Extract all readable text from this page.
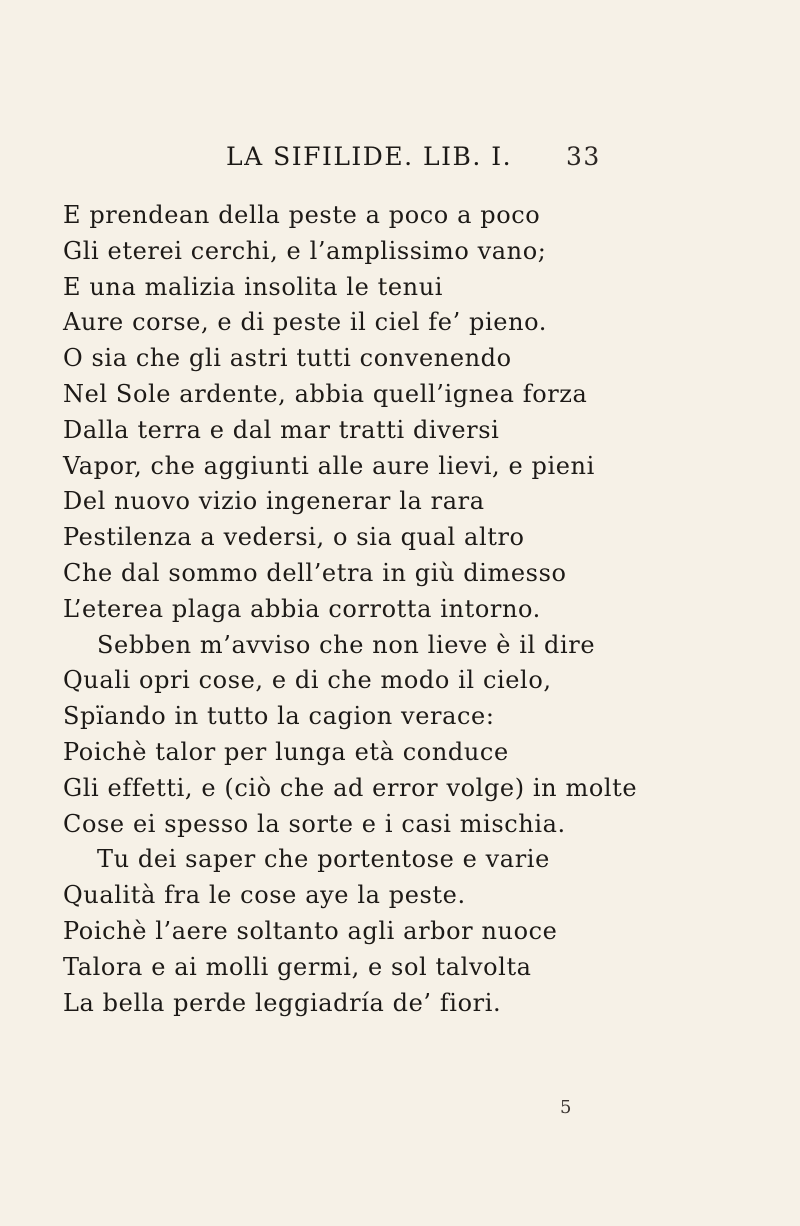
LA SIFILIDE. LIB. I. 33
E prendean della peste a poco a poco
Gli eterei cerchi, e l’amplissimo vano;
E una malizia insolita le tenui
Aure corse, e di peste il ciel fe’ pieno.
O sia che gli astri tutti convenendo
Nel Sole ardente, abbia quell’ignea forza
Dalla terra e dal mar tratti diversi
Vapor, che aggiunti alle aure lievi, e pieni
Del nuovo vizio ingenerar la rara
Pestilenza a vedersi, o sia qual altro
Che dal sommo dell’etra in giù dimesso
L’eterea plaga abbia corrotta intorno.
Sebben m’avviso che non lieve è il dire
Quali opri cose, e di che modo il cielo,
Spïando in tutto la cagion verace:
Poichè talor per lunga età conduce
Gli effetti, e (ciò che ad error volge) in molte
Cose ei spesso la sorte e i casi mischia.
Tu dei saper che portentose e varie
Qualità fra le cose aye la peste.
Poichè l’aere soltanto agli arbor nuoce
Talora e ai molli germi, e sol talvolta
La bella perde leggiadría de’ fiori.
5
